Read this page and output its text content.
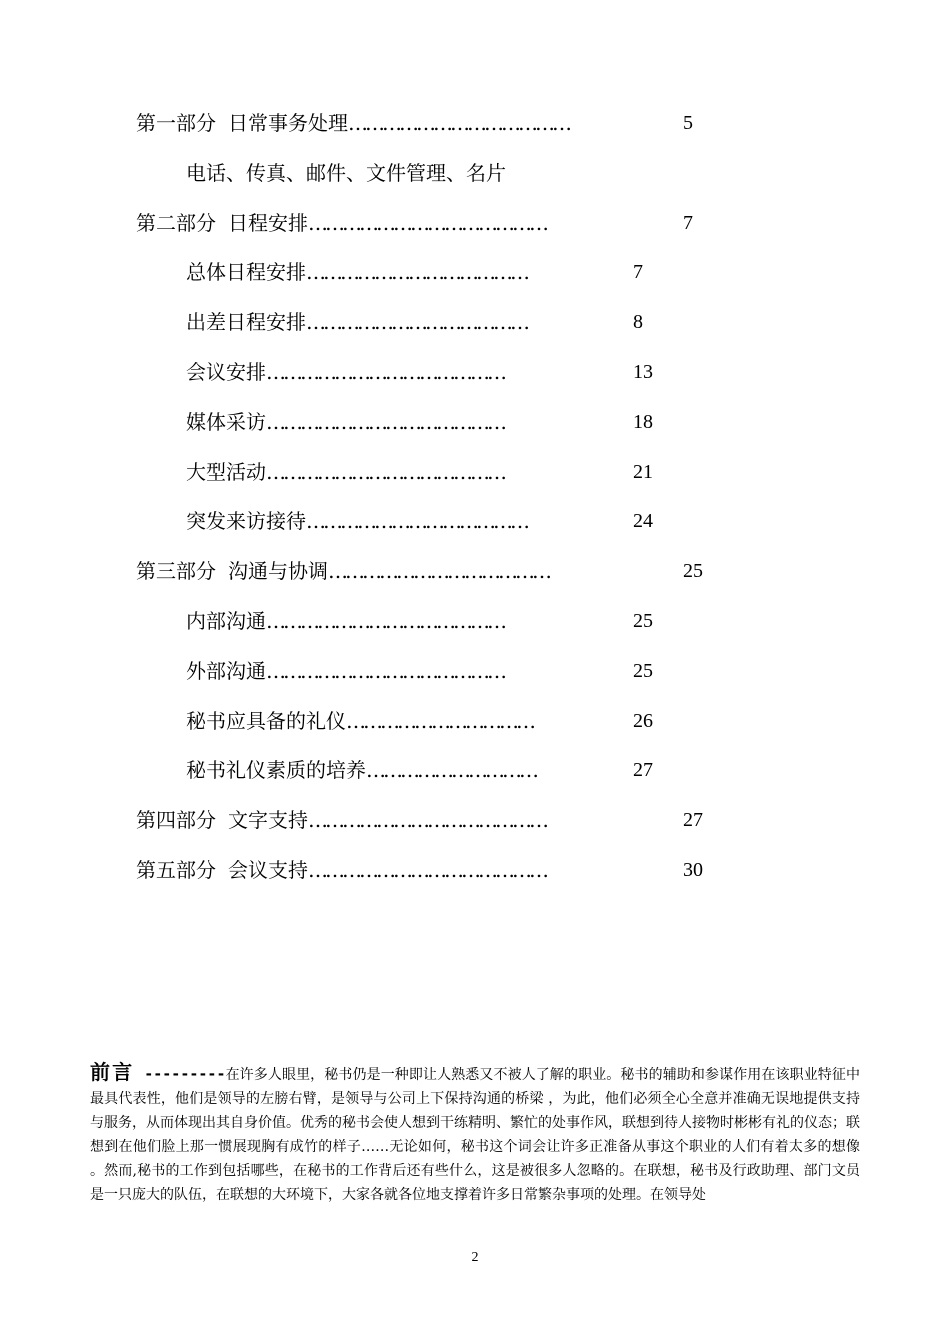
第一部分 日常事务处理…………………………………	5
电话、传真、邮件、文件管理、名片
第二部分 日程安排……………………………………	7
总体日程安排…………………………………	7
出差日程安排…………………………………	8
会议安排……………………………………	13
媒体采访……………………………………	18
大型活动……………………………………	21
突发来访接待…………………………………	24
第三部分 沟通与协调…………………………………	25
内部沟通……………………………………	25
外部沟通……………………………………	25
秘书应具备的礼仪……………………………	26
秘书礼仪素质的培养…………………………	27
第四部分 文字支持……………………………………	27
第五部分 会议支持……………………………………	30
前言 ---------在许多人眼里，秘书仍是一种即让人熟悉又不被人了解的职业。秘书的辅助和参谋作用在该职业特征中最具代表性，他们是领导的左膀右臂，是领导与公司上下保持沟通的桥梁 ，为此，他们必须全心全意并准确无误地提供支持与服务，从而体现出其自身价值。优秀的秘书会使人想到干练精明、繁忙的处事作风，联想到待人接物时彬彬有礼的仪态；联想到在他们脸上那一惯展现胸有成竹的样子……无论如何，秘书这个词会让许多正准备从事这个职业的人们有着太多的想像 。然而,秘书的工作到包括哪些，在秘书的工作背后还有些什么，这是被很多人忽略的。在联想，秘书及行政助理、部门文员是一只庞大的队伍，在联想的大环境下，大家各就各位地支撑着许多日常繁杂事项的处理。在领导处
2
